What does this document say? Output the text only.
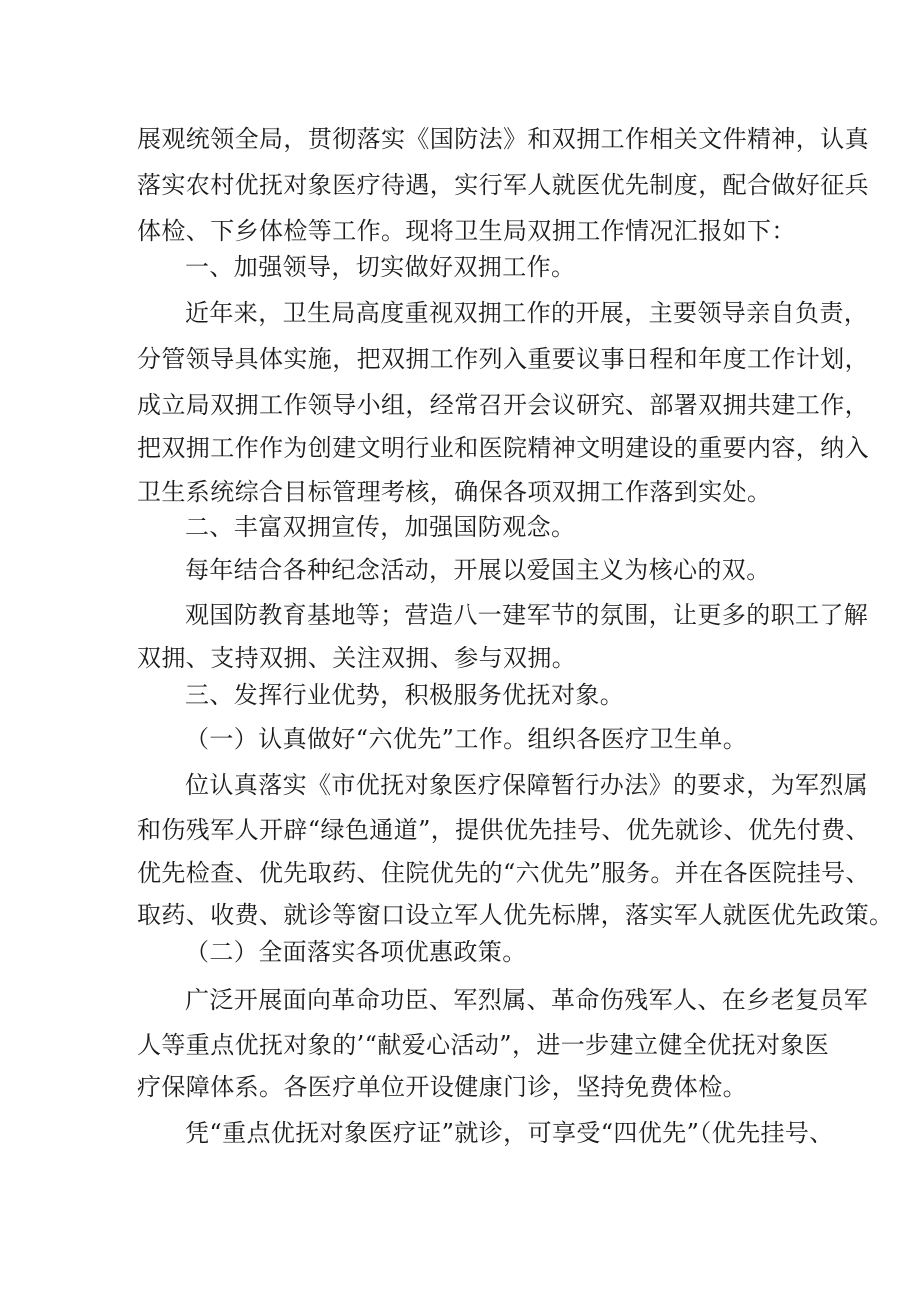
展观统领全局，贯彻落实《国防法》和双拥工作相关文件精神，认真
落实农村优抚对象医疗待遇，实行军人就医优先制度，配合做好征兵
体检、下乡体检等工作。现将卫生局双拥工作情况汇报如下：
一、加强领导，切实做好双拥工作。
近年来，卫生局高度重视双拥工作的开展，主要领导亲自负责，
分管领导具体实施，把双拥工作列入重要议事日程和年度工作计划，
成立局双拥工作领导小组，经常召开会议研究、部署双拥共建工作，
把双拥工作作为创建文明行业和医院精神文明建设的重要内容，纳入
卫生系统综合目标管理考核，确保各项双拥工作落到实处。
二、丰富双拥宣传，加强国防观念。
每年结合各种纪念活动，开展以爱国主义为核心的双。
观国防教育基地等；营造八一建军节的氛围，让更多的职工了解
双拥、支持双拥、关注双拥、参与双拥。
三、发挥行业优势，积极服务优抚对象。
（一）认真做好“六优先”工作。组织各医疗卫生单。
位认真落实《市优抚对象医疗保障暂行办法》的要求，为军烈属
和伤残军人开辟“绿色通道”，提供优先挂号、优先就诊、优先付费、
优先检查、优先取药、住院优先的“六优先”服务。并在各医院挂号、
取药、收费、就诊等窗口设立军人优先标牌，落实军人就医优先政策。
（二）全面落实各项优惠政策。
广泛开展面向革命功臣、军烈属、革命伤残军人、在乡老复员军
人等重点优抚对象的’“献爱心活动”，进一步建立健全优抚对象医
疗保障体系。各医疗单位开设健康门诊，坚持免费体检。
凭“重点优抚对象医疗证”就诊，可享受“四优先”（优先挂号、
